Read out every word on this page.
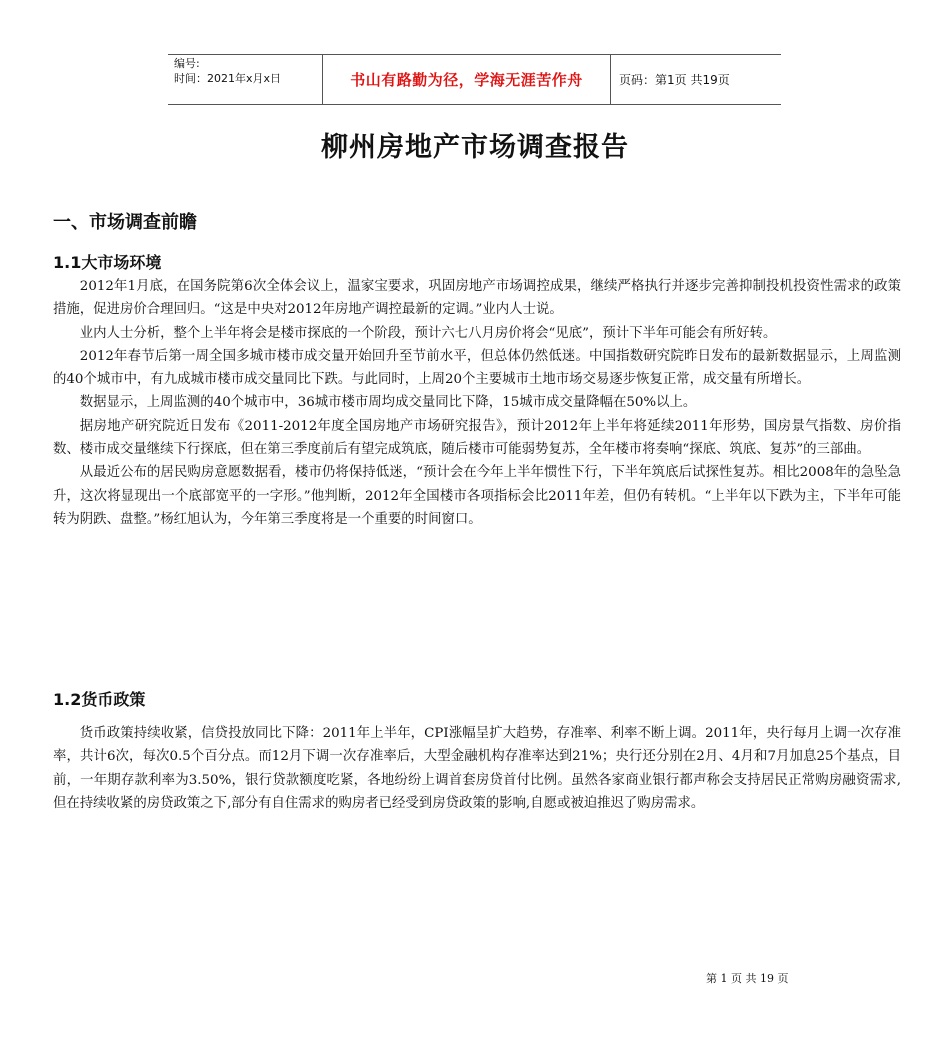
编号:
时间：2021年x月x日	书山有路勤为径，学海无涯苦作舟	页码：第1页 共19页
柳州房地产市场调查报告
一、市场调查前瞻
1.1大市场环境

2012年1月底，在国务院第6次全体会议上，温家宝要求，巩固房地产市场调控成果，继续严格执行并逐步完善抑制投机投资性需求的政策措施，促进房价合理回归。“这是中央对2012年房地产调控最新的定调。”业内人士说。

业内人士分析，整个上半年将会是楼市探底的一个阶段，预计六七八月房价将会“见底”，预计下半年可能会有所好转。

2012年春节后第一周全国多城市楼市成交量开始回升至节前水平，但总体仍然低迷。中国指数研究院昨日发布的最新数据显示，上周监测的40个城市中，有九成城市楼市成交量同比下跌。与此同时，上周20个主要城市土地市场交易逐步恢复正常，成交量有所增长。

数据显示，上周监测的40个城市中，36城市楼市周均成交量同比下降，15城市成交量降幅在50%以上。

据房地产研究院近日发布《2011-2012年度全国房地产市场研究报告》，预计2012年上半年将延续2011年形势，国房景气指数、房价指数、楼市成交量继续下行探底，但在第三季度前后有望完成筑底，随后楼市可能弱势复苏，全年楼市将奏响“探底、筑底、复苏”的三部曲。

从最近公布的居民购房意愿数据看，楼市仍将保持低迷，“预计会在今年上半年惯性下行，下半年筑底后试探性复苏。相比2008年的急坠急升，这次将显现出一个底部宽平的一字形。”他判断，2012年全国楼市各项指标会比2011年差，但仍有转机。“上半年以下跌为主，下半年可能转为阴跌、盘整。”杨红旭认为，今年第三季度将是一个重要的时间窗口。

1.2货币政策

货币政策持续收紧，信贷投放同比下降：2011年上半年，CPI涨幅呈扩大趋势，存准率、利率不断上调。2011年，央行每月上调一次存准率，共计6次，每次0.5个百分点。而12月下调一次存准率后，大型金融机构存准率达到21%；央行还分别在2月、4月和7月加息25个基点，目前，一年期存款利率为3.50%，银行贷款额度吃紧，各地纷纷上调首套房贷首付比例。虽然各家商业银行都声称会支持居民正常购房融资需求,但在持续收紧的房贷政策之下,部分有自住需求的购房者已经受到房贷政策的影响,自愿或被迫推迟了购房需求。

第 1 页 共 19 页
